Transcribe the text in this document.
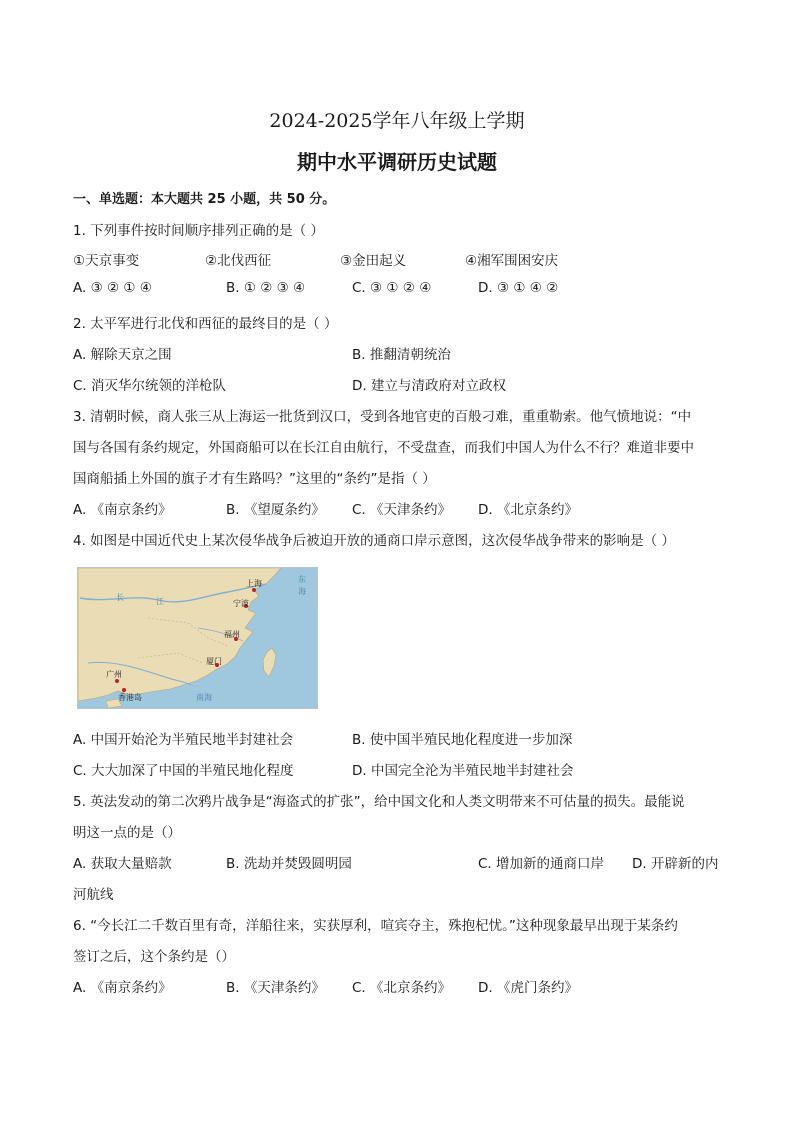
2024-2025学年八年级上学期
期中水平调研历史试题
一、单选题：本大题共 25 小题，共 50 分。
1. 下列事件按时间顺序排列正确的是（ ）
①天京事变	②北伐西征	③金田起义	④湘军围困安庆
A. ③ ② ① ④	B. ① ② ③ ④	C. ③ ① ② ④	D. ③ ① ④ ②
2. 太平军进行北伐和西征的最终目的是（ ）
A. 解除天京之围	B. 推翻清朝统治
C. 消灭华尔统领的洋枪队	D. 建立与清政府对立政权
3. 清朝时候，商人张三从上海运一批货到汉口，受到各地官吏的百般刁难，重重勒索。他气愤地说：“中
国与各国有条约规定，外国商船可以在长江自由航行，不受盘查，而我们中国人为什么不行？难道非要中
国商船插上外国的旗子才有生路吗？”这里的“条约”是指（ ）
A. 《南京条约》	B. 《望厦条约》 C. 《天津条约》 D. 《北京条约》
4. 如图是中国近代史上某次侵华战争后被迫开放的通商口岸示意图，这次侵华战争带来的影响是（ ）
上海
宁波
福州
厦门
广州
香港岛
长	江
东
海
南海
A. 中国开始沦为半殖民地半封建社会	B. 使中国半殖民地化程度进一步加深
C. 大大加深了中国的半殖民地化程度	D. 中国完全沦为半殖民地半封建社会
5. 英法发动的第二次鸦片战争是“海盗式的扩张”，给中国文化和人类文明带来不可估量的损失。最能说
明这一点的是（）
A. 获取大量赔款	B. 洗劫并焚毁圆明园	C. 增加新的通商口岸 D. 开辟新的内
河航线
6. “今长江二千数百里有奇，洋船往来，实获厚利，喧宾夺主，殊抱杞忧。”这种现象最早出现于某条约
签订之后，这个条约是（）
A. 《南京条约》	B. 《天津条约》 C. 《北京条约》 D. 《虎门条约》
